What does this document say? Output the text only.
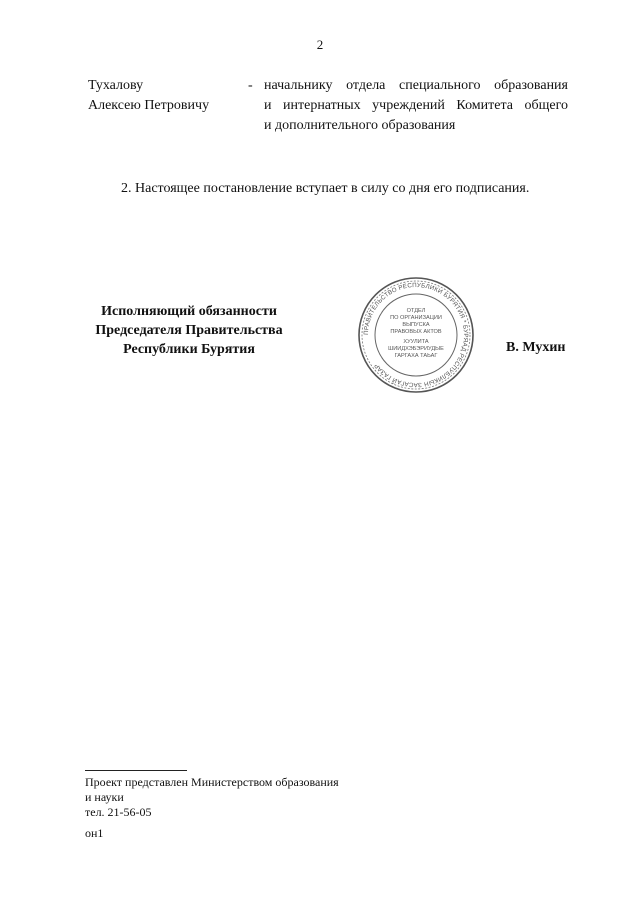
2
Тухалову
Алексею Петровичу
- начальнику отдела специального образования
и интернатных учреждений Комитета общего
и дополнительного образования
2. Настоящее постановление вступает в силу со дня его подписания.
Исполняющий обязанности
Председателя Правительства
Республики Бурятия
ПРАВИТЕЛЬСТВО РЕСПУБЛИКИ БУРЯТИЯ * БУРЯАД РЕСПУБЛИКЫН ЗАСАГАЙ ГАЗАР
ОТДЕЛ
ПО ОРГАНИЗАЦИИ
ВЫПУСКА
ПРАВОВЫХ АКТОВ
ХУУЛИТА
ШИИДХЭБЭРИУДЫЕ
ГАРГАХА ТАЬАГ
В. Мухин
Проект представлен Министерством образования
и науки
тел. 21-56-05
он1
